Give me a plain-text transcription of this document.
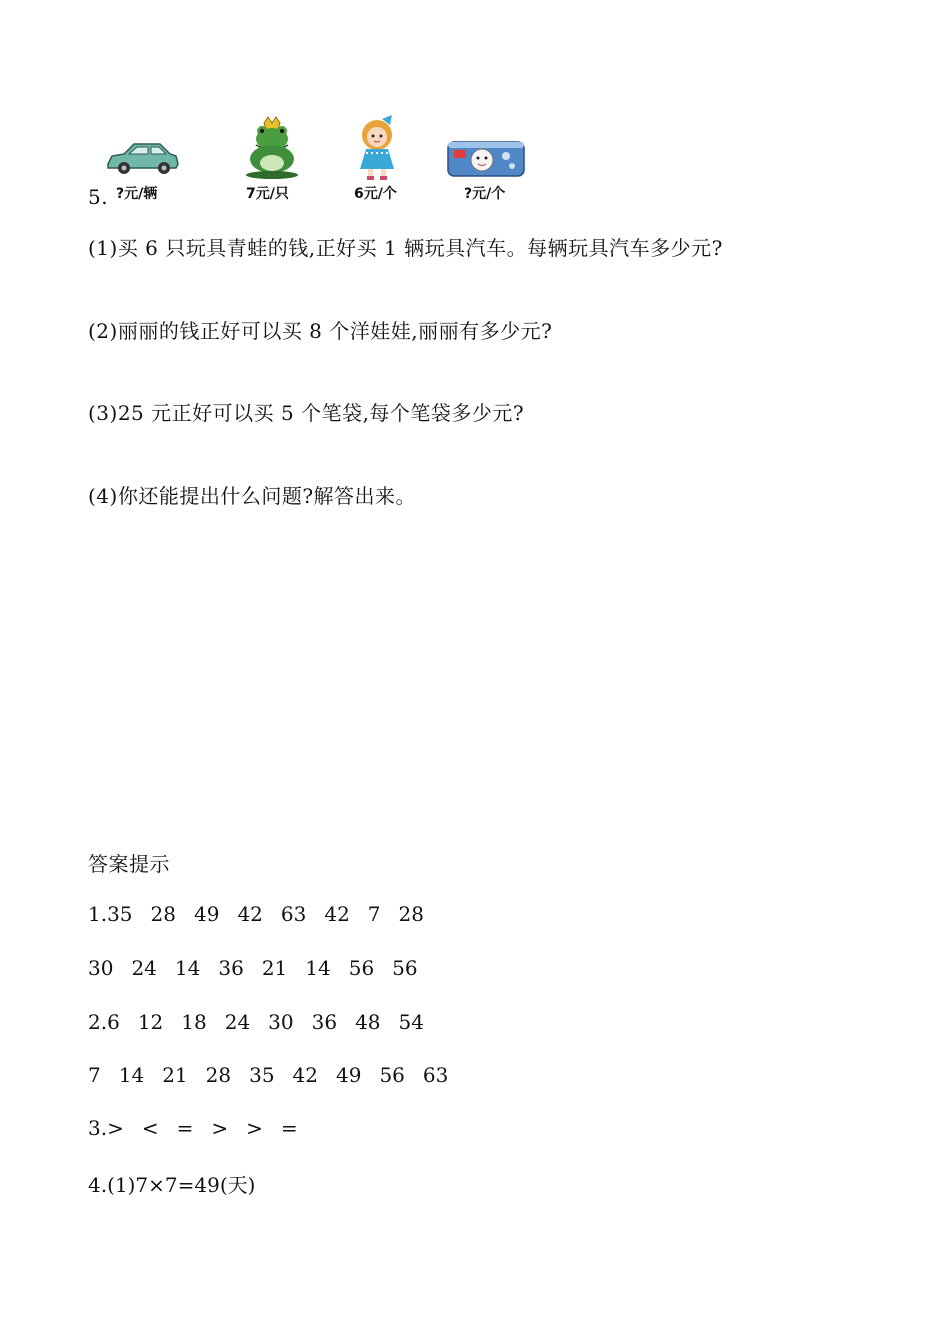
?元/辆	7元/只	6元/个	?元/个
5.
(1)买 6 只玩具青蛙的钱,正好买 1 辆玩具汽车。每辆玩具汽车多少元?
(2)丽丽的钱正好可以买 8 个洋娃娃,丽丽有多少元?
(3)25 元正好可以买 5 个笔袋,每个笔袋多少元?
(4)你还能提出什么问题?解答出来。
答案提示
1.35 28 49 42 63 42 7 28
30 24 14 36 21 14 56 56
2.6 12 18 24 30 36 48 54
7 14 21 28 35 42 49 56 63
3.> < = > > =
4.(1)7×7=49(天)
